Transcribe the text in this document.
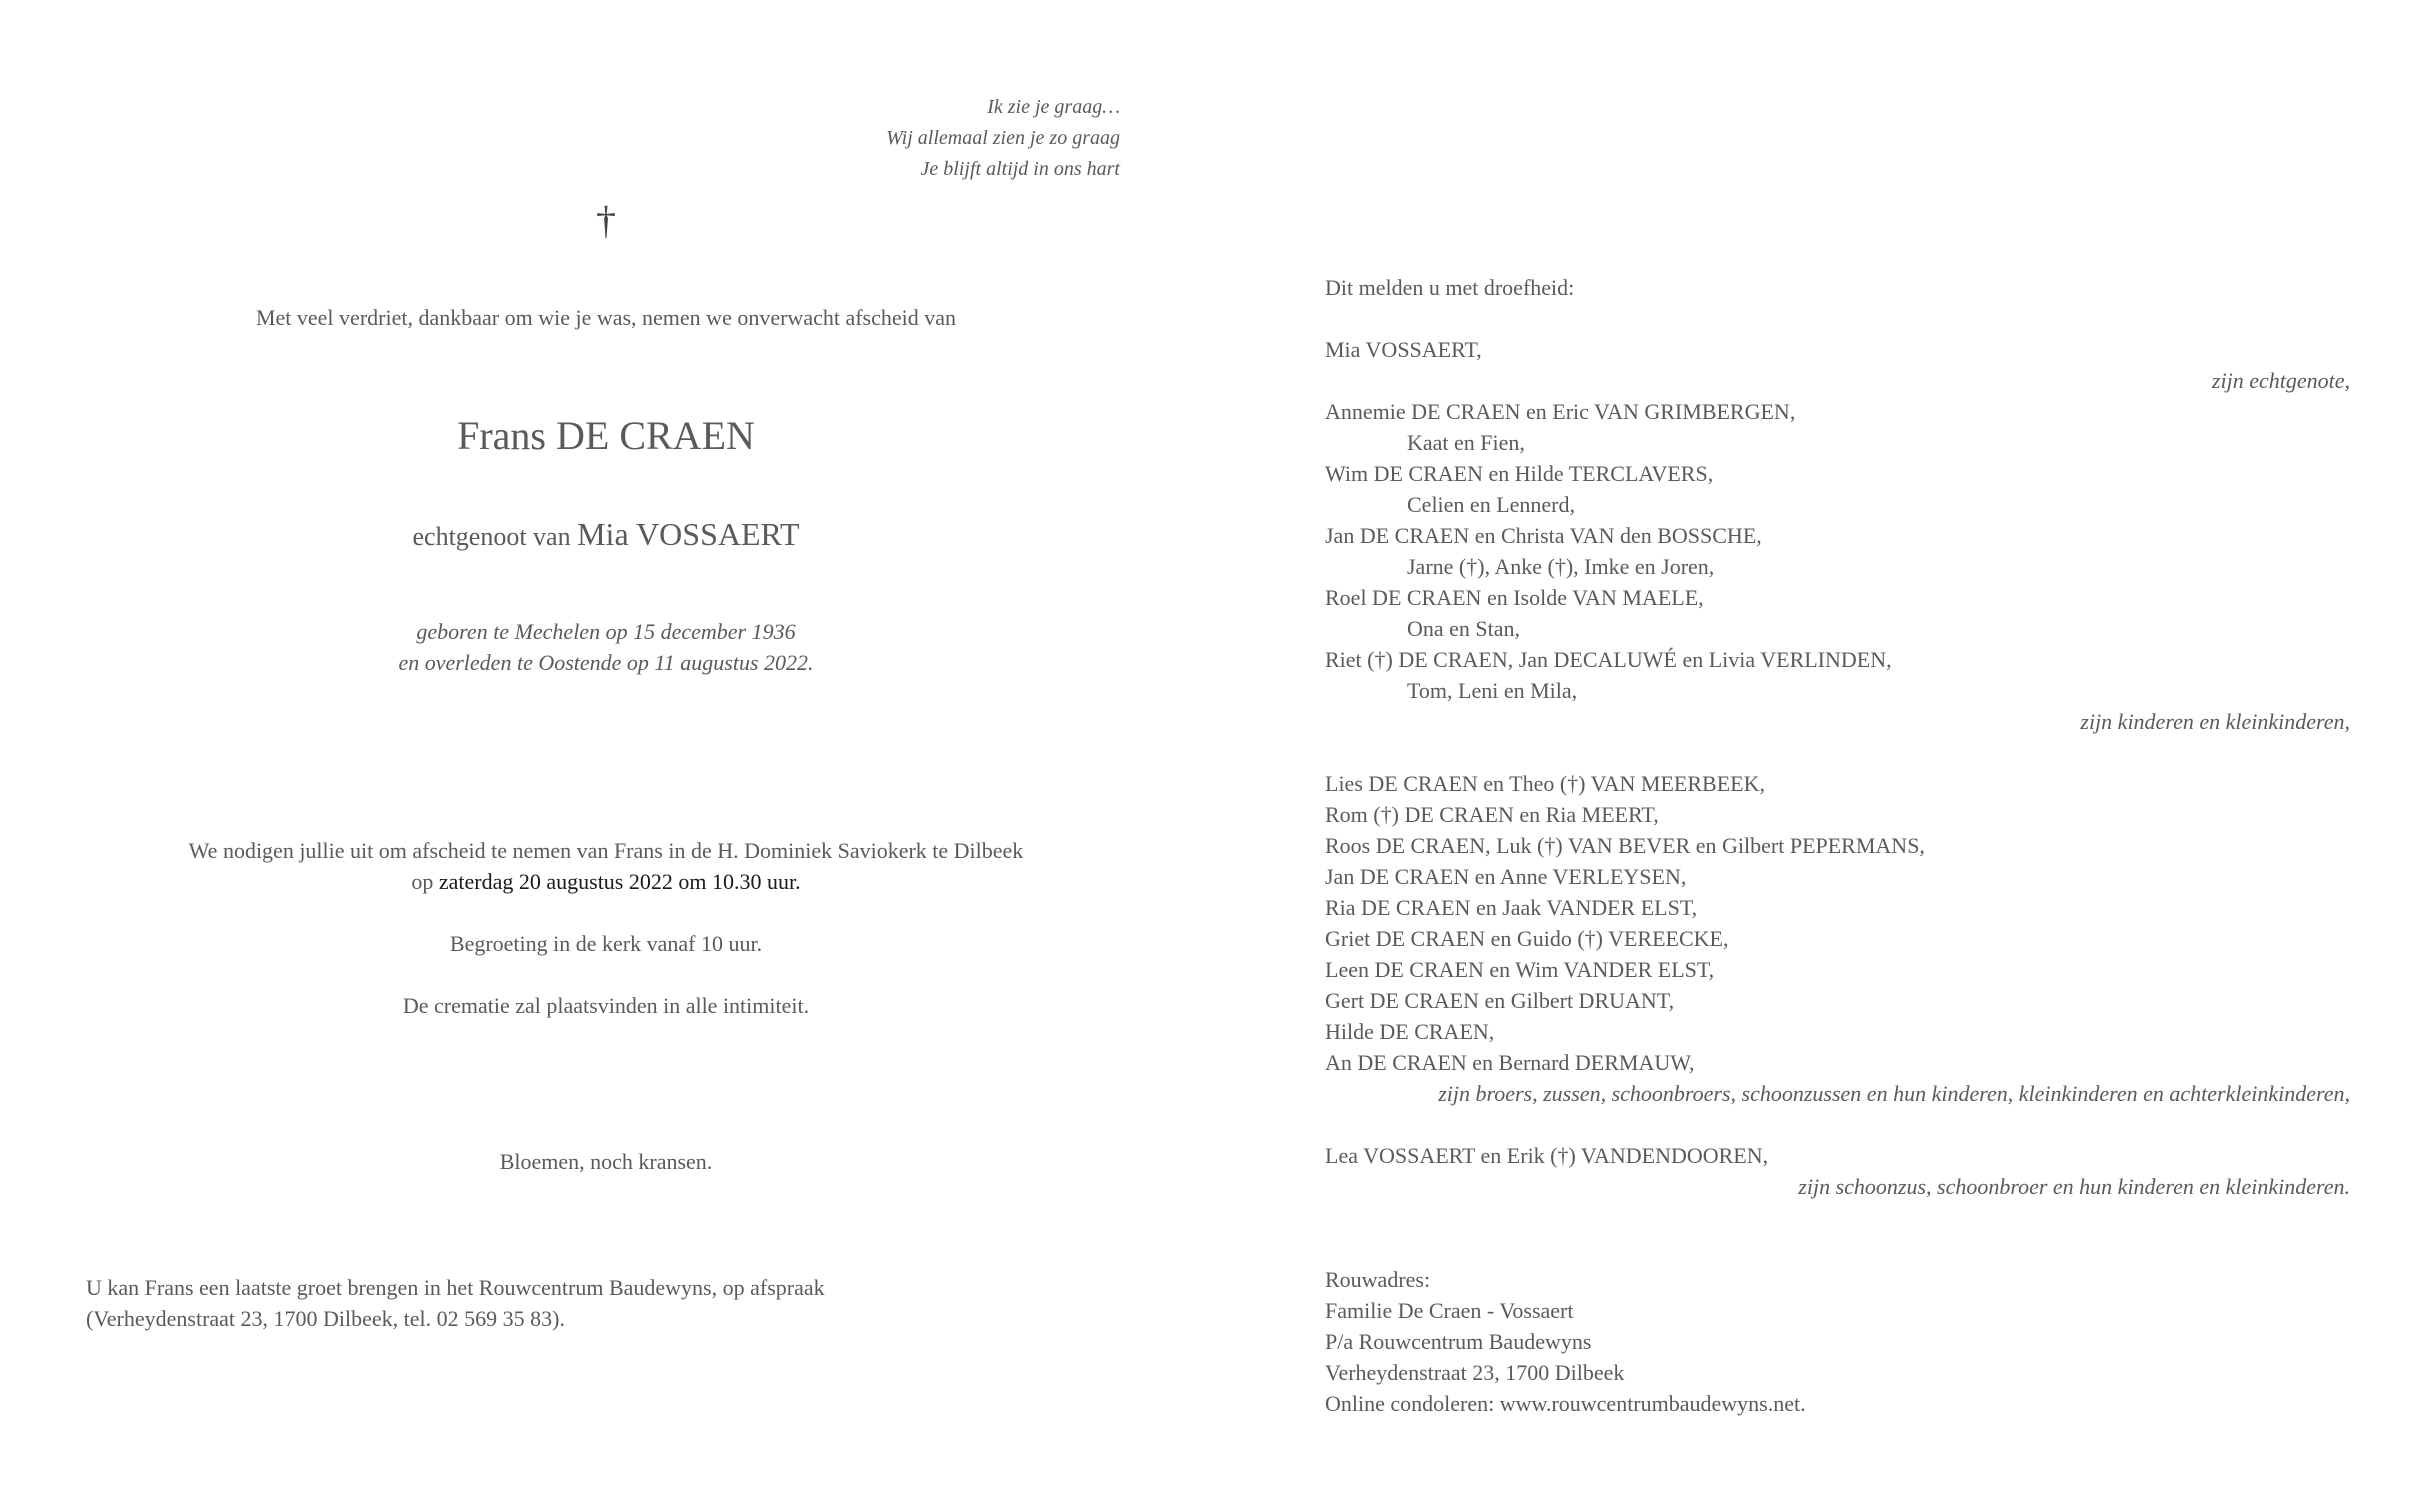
Ik zie je graag…
Wij allemaal zien je zo graag
Je blijft altijd in ons hart
†
Met veel verdriet, dankbaar om wie je was, nemen we onverwacht afscheid van
Frans DE CRAEN
echtgenoot van Mia VOSSAERT
geboren te Mechelen op 15 december 1936
en overleden te Oostende op 11 augustus 2022.
We nodigen jullie uit om afscheid te nemen van Frans in de H. Dominiek Saviokerk te Dilbeek
op zaterdag 20 augustus 2022 om 10.30 uur.
Begroeting in de kerk vanaf 10 uur.
De crematie zal plaatsvinden in alle intimiteit.
Bloemen, noch kransen.
U kan Frans een laatste groet brengen in het Rouwcentrum Baudewyns, op afspraak
(Verheydenstraat 23, 1700 Dilbeek, tel. 02 569 35 83).
Dit melden u met droefheid:
Mia VOSSAERT,
zijn echtgenote,
Annemie DE CRAEN en Eric VAN GRIMBERGEN,
Kaat en Fien,
Wim DE CRAEN en Hilde TERCLAVERS,
Celien en Lennerd,
Jan DE CRAEN en Christa VAN den BOSSCHE,
Jarne (†), Anke (†), Imke en Joren,
Roel DE CRAEN en Isolde VAN MAELE,
Ona en Stan,
Riet (†) DE CRAEN, Jan DECALUWÉ en Livia VERLINDEN,
Tom, Leni en Mila,
zijn kinderen en kleinkinderen,
Lies DE CRAEN en Theo (†) VAN MEERBEEK,
Rom (†) DE CRAEN en Ria MEERT,
Roos DE CRAEN, Luk (†) VAN BEVER en Gilbert PEPERMANS,
Jan DE CRAEN en Anne VERLEYSEN,
Ria DE CRAEN en Jaak VANDER ELST,
Griet DE CRAEN en Guido (†) VEREECKE,
Leen DE CRAEN en Wim VANDER ELST,
Gert DE CRAEN en Gilbert DRUANT,
Hilde DE CRAEN,
An DE CRAEN en Bernard DERMAUW,
zijn broers, zussen, schoonbroers, schoonzussen en hun kinderen, kleinkinderen en achterkleinkinderen,
Lea VOSSAERT en Erik (†) VANDENDOOREN,
zijn schoonzus, schoonbroer en hun kinderen en kleinkinderen.
Rouwadres:
Familie De Craen - Vossaert
P/a Rouwcentrum Baudewyns
Verheydenstraat 23, 1700 Dilbeek
Online condoleren: www.rouwcentrumbaudewyns.net.
